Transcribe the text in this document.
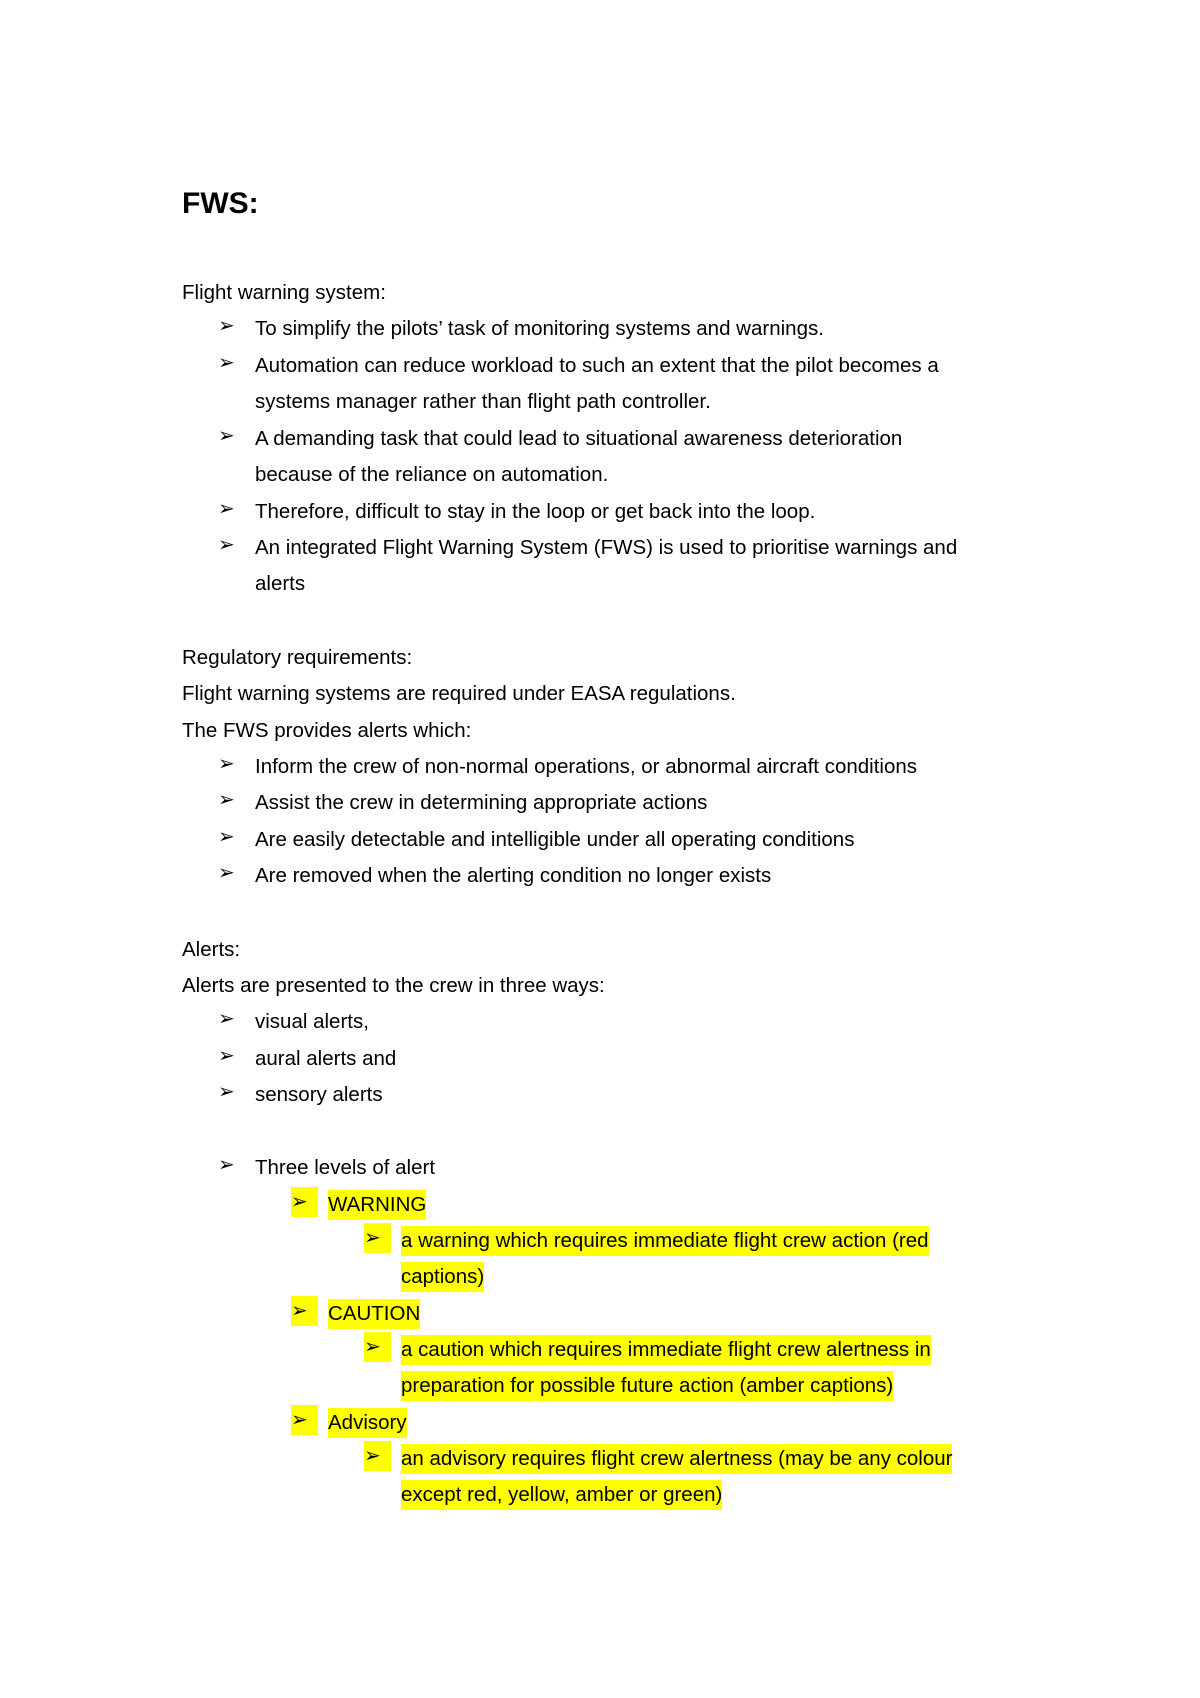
FWS:
Flight warning system:
➢ To simplify the pilots’ task of monitoring systems and warnings.
➢ Automation can reduce workload to such an extent that the pilot becomes a
systems manager rather than flight path controller.
➢ A demanding task that could lead to situational awareness deterioration
because of the reliance on automation.
➢ Therefore, difficult to stay in the loop or get back into the loop.
➢ An integrated Flight Warning System (FWS) is used to prioritise warnings and
alerts
Regulatory requirements:
Flight warning systems are required under EASA regulations.
The FWS provides alerts which:
➢ Inform the crew of non-normal operations, or abnormal aircraft conditions
➢ Assist the crew in determining appropriate actions
➢ Are easily detectable and intelligible under all operating conditions
➢ Are removed when the alerting condition no longer exists
Alerts:
Alerts are presented to the crew in three ways:
➢ visual alerts,
➢ aural alerts and
➢ sensory alerts
➢ Three levels of alert
➢ WARNING
➢ a warning which requires immediate flight crew action (red
captions)
➢ CAUTION
➢ a caution which requires immediate flight crew alertness in
preparation for possible future action (amber captions)
➢ Advisory
➢ an advisory requires flight crew alertness (may be any colour
except red, yellow, amber or green)
